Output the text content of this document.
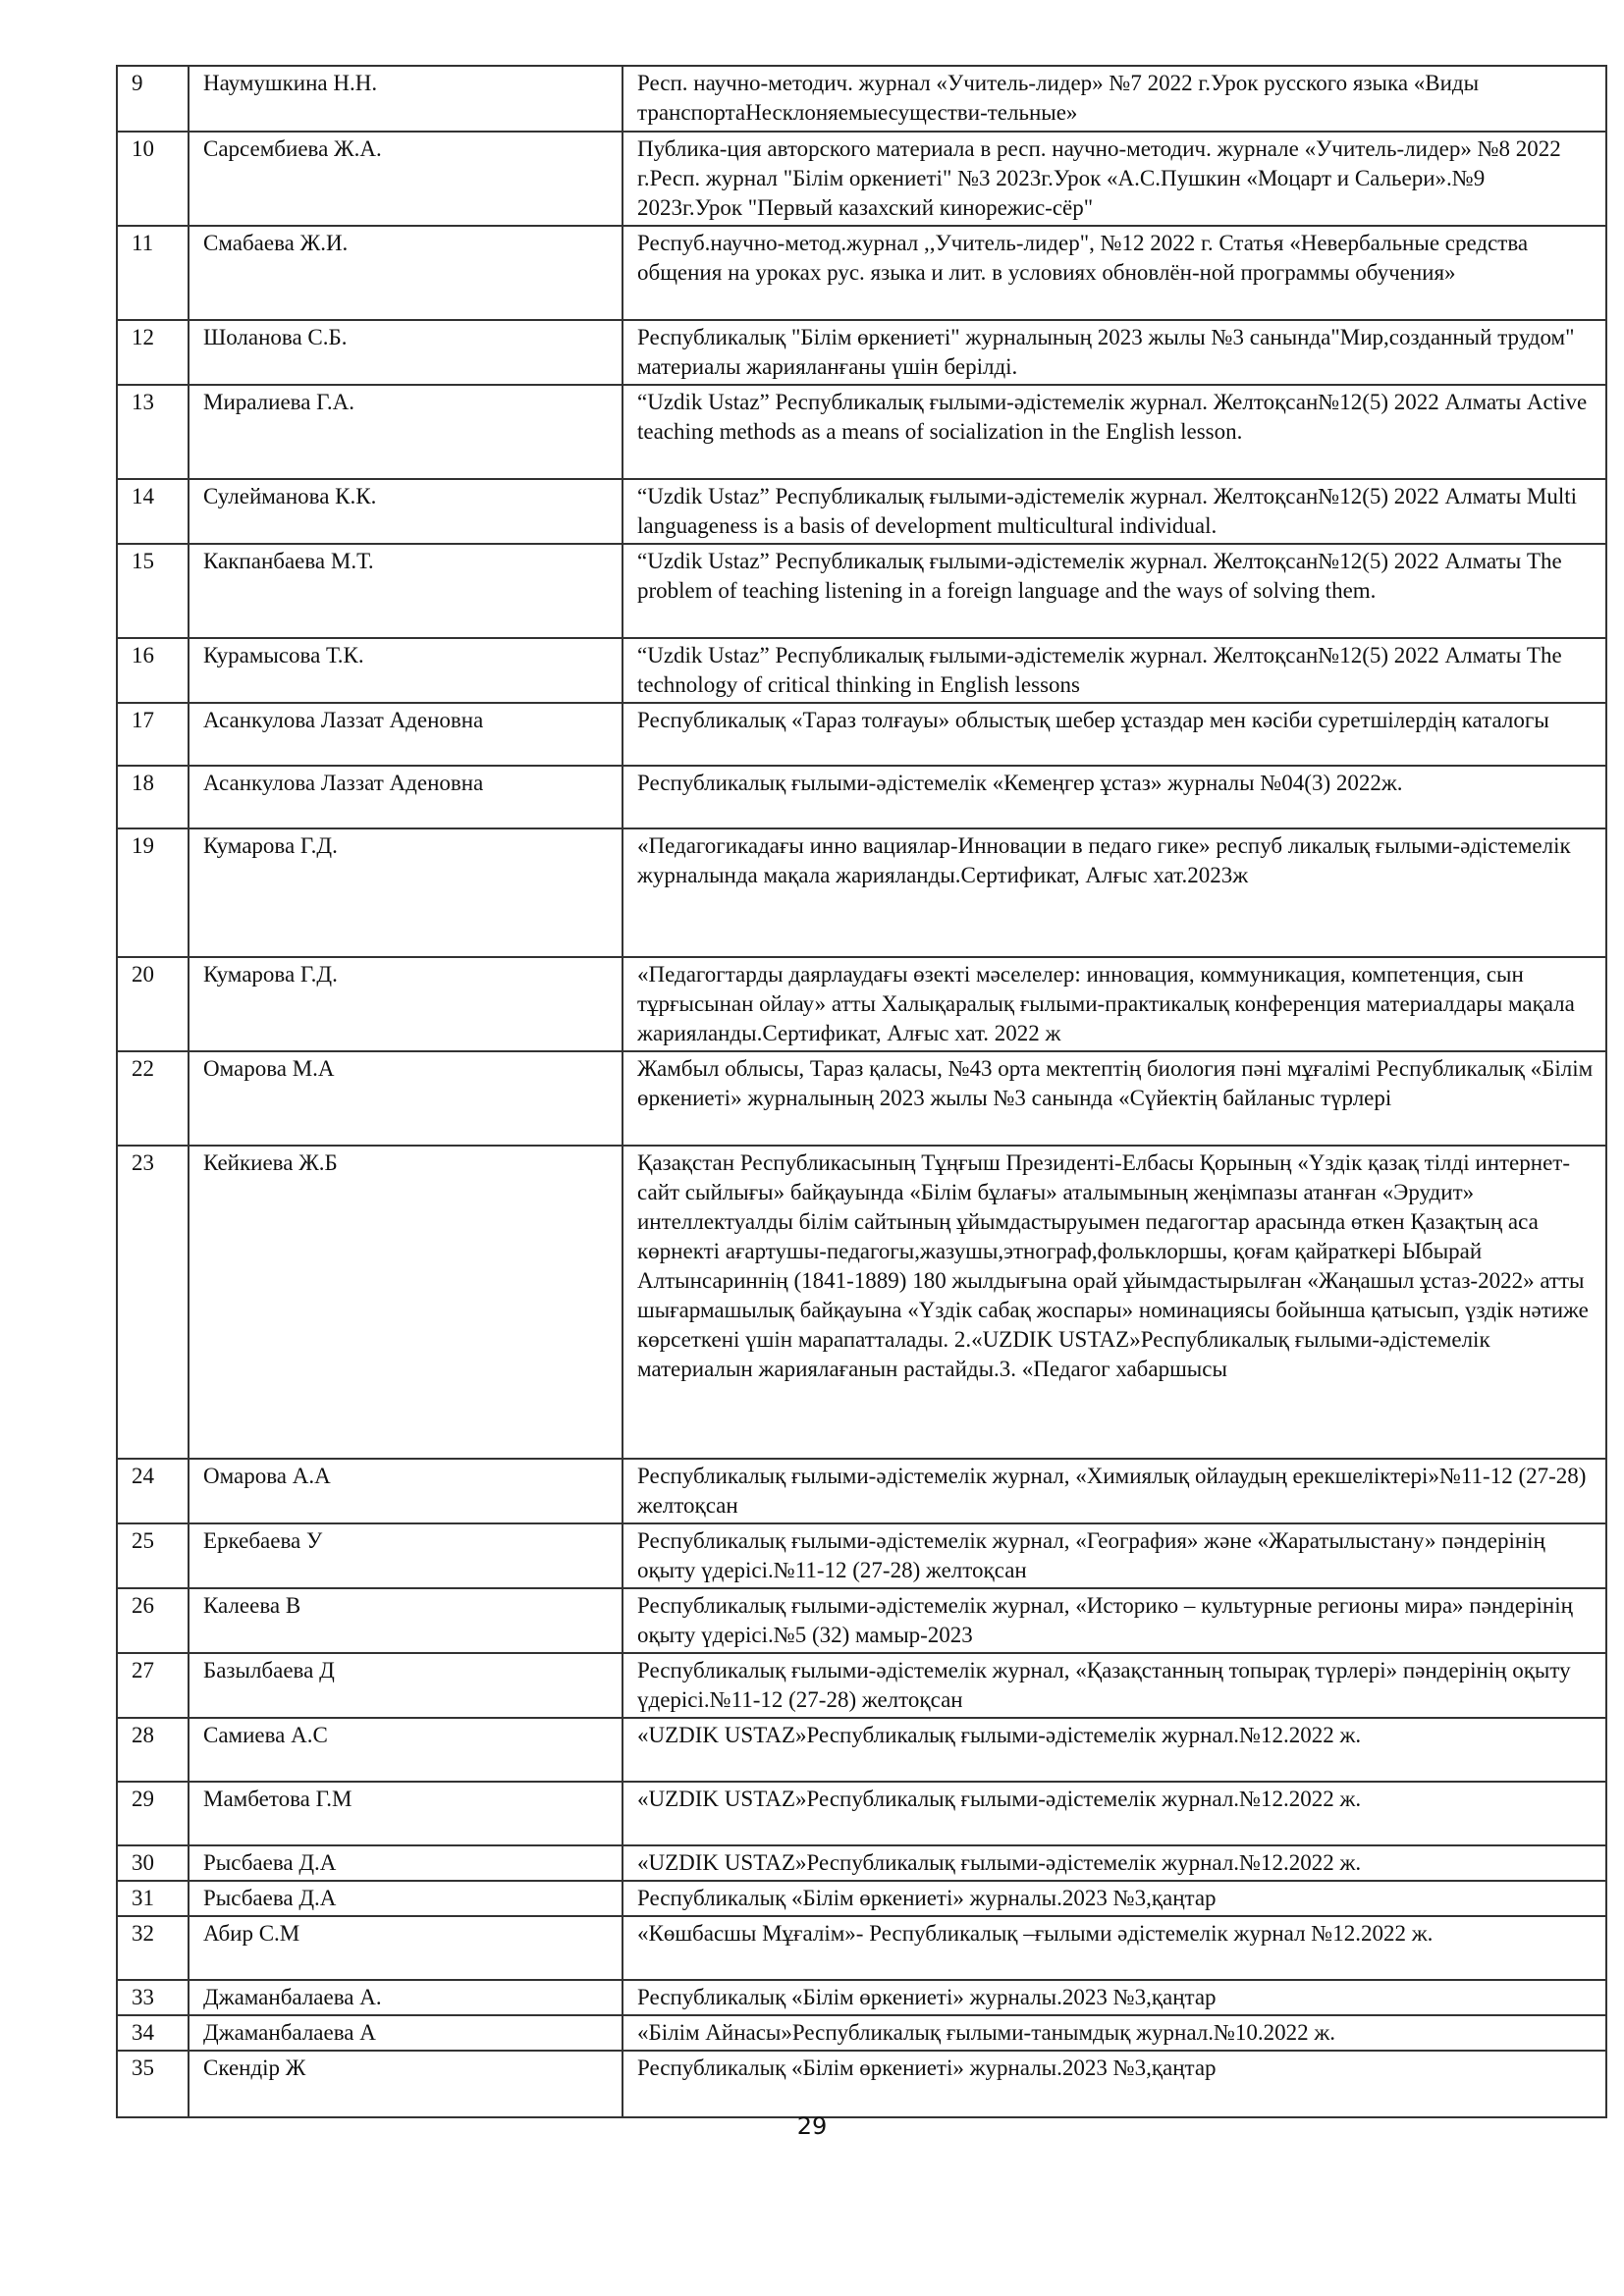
9	Наумушкина Н.Н.	Респ. научно-методич. журнал «Учитель-лидер» №7 2022 г.Урок русского языка «Виды транспортаНесклоняемыесуществи-тельные»
10	Сарсембиева Ж.А.	Публика-ция авторского материала в респ. научно-методич. журнале «Учитель-лидер» №8 2022 г.Респ. журнал "Білім оркениеті" №3 2023г.Урок «А.С.Пушкин «Моцарт и Сальери».№9 2023г.Урок "Первый казахский кинорежис-сёр"
11	Смабаева Ж.И.	Респуб.научно-метод.журнал ,,Учитель-лидер", №12 2022 г. Статья «Невербальные средства общения на уроках рус. языка и лит. в условиях обновлён-ной программы обучения»
12	Шоланова С.Б.	Республикалық "Білім өркениеті" журналының 2023 жылы №3 санында"Мир,созданный трудом" материалы жарияланғаны үшін берілді.
13	Миралиева Г.А.	“Uzdik Ustaz” Республикалық ғылыми-әдістемелік журнал. Желтоқсан№12(5) 2022 Алматы Active teaching methods as a means of socialization in the English lesson.
14	Сулейманова К.К.	“Uzdik Ustaz” Республикалық ғылыми-әдістемелік журнал. Желтоқсан№12(5) 2022 Алматы Multi languageness is a basis of development multicultural individual.
15	Какпанбаева М.Т.	“Uzdik Ustaz” Республикалық ғылыми-әдістемелік журнал. Желтоқсан№12(5) 2022 Алматы The problem of teaching listening in a foreign language and the ways of solving them.
16	Курамысова Т.К.	“Uzdik Ustaz” Республикалық ғылыми-әдістемелік журнал. Желтоқсан№12(5) 2022 Алматы The technology of critical thinking in English lessons
17	Асанкулова Лаззат Аденовна	Республикалық «Тараз толғауы» облыстық шебер ұстаздар мен кәсіби суретшілердің каталогы
18	Асанкулова Лаззат Аденовна	Республикалық ғылыми-әдістемелік «Кемеңгер ұстаз» журналы №04(3) 2022ж.
19	Кумарова Г.Д.	«Педагогикадағы инно вациялар-Инновации в педаго гике» респуб ликалық ғылыми-әдістемелік журналында мақала жарияланды.Сертификат, Алғыс хат.2023ж
20	Кумарова Г.Д.	«Педагогтарды даярлаудағы өзекті мәселелер: инновация, коммуникация, компетенция, сын тұрғысынан ойлау» атты Халықаралық ғылыми-практикалық конференция материалдары мақала жарияланды.Сертификат, Алғыс хат. 2022 ж
22	Омарова М.А	Жамбыл облысы, Тараз қаласы, №43 орта мектептің биология пәні мұғалімі Республикалық «Білім өркениеті» журналының 2023 жылы №3 санында «Сүйектің байланыс түрлері
23	Кейкиева Ж.Б	Қазақстан Республикасының Тұңғыш Президенті-Елбасы Қорының «Үздік қазақ тілді интернет-сайт сыйлығы» байқауында «Білім бұлағы» аталымының жеңімпазы атанған «Эрудит» интеллектуалды білім сайтының ұйымдастыруымен педагогтар арасында өткен Қазақтың аса көрнекті ағартушы-педагогы,жазушы,этнограф,фольклоршы, қоғам қайраткері Ыбырай Алтынсариннің (1841-1889) 180 жылдығына орай ұйымдастырылған «Жаңашыл ұстаз-2022» атты шығармашылық байқауына «Үздік сабақ жоспары» номинациясы бойынша қатысып, үздік нәтиже көрсеткені үшін марапатталады. 2.«UZDIK USTAZ»Республикалық ғылыми-әдістемелік материалын жариялағанын растайды.3. «Педагог хабаршысы
24	Омарова А.А	Республикалық ғылыми-әдістемелік журнал, «Химиялық ойлаудың ерекшеліктері»№11-12 (27-28) желтоқсан
25	Еркебаева У	Республикалық ғылыми-әдістемелік журнал, «География» және «Жаратылыстану» пәндерінің оқыту үдерісі.№11-12 (27-28) желтоқсан
26	Калеева В	Республикалық ғылыми-әдістемелік журнал, «Историко – культурные регионы мира» пәндерінің оқыту үдерісі.№5 (32) мамыр-2023
27	Базылбаева Д	Республикалық ғылыми-әдістемелік журнал, «Қазақстанның топырақ түрлері» пәндерінің оқыту үдерісі.№11-12 (27-28) желтоқсан
28	Самиева А.С	«UZDIK USTAZ»Республикалық ғылыми-әдістемелік журнал.№12.2022 ж.
29	Мамбетова Г.М	«UZDIK USTAZ»Республикалық ғылыми-әдістемелік журнал.№12.2022 ж.
30	Рысбаева Д.А	«UZDIK USTAZ»Республикалық ғылыми-әдістемелік журнал.№12.2022 ж.
31	Рысбаева Д.А	Республикалық «Білім өркениеті» журналы.2023 №3,қаңтар
32	Абир С.М	«Көшбасшы Мұғалім»- Республикалық –ғылыми әдістемелік журнал №12.2022 ж.
33	Джаманбалаева А.	Республикалық «Білім өркениеті» журналы.2023 №3,қаңтар
34	Джаманбалаева А	«Білім Айнасы»Республикалық ғылыми-танымдық журнал.№10.2022 ж.
35	Скендір Ж	Республикалық «Білім өркениеті» журналы.2023 №3,қаңтар
29
